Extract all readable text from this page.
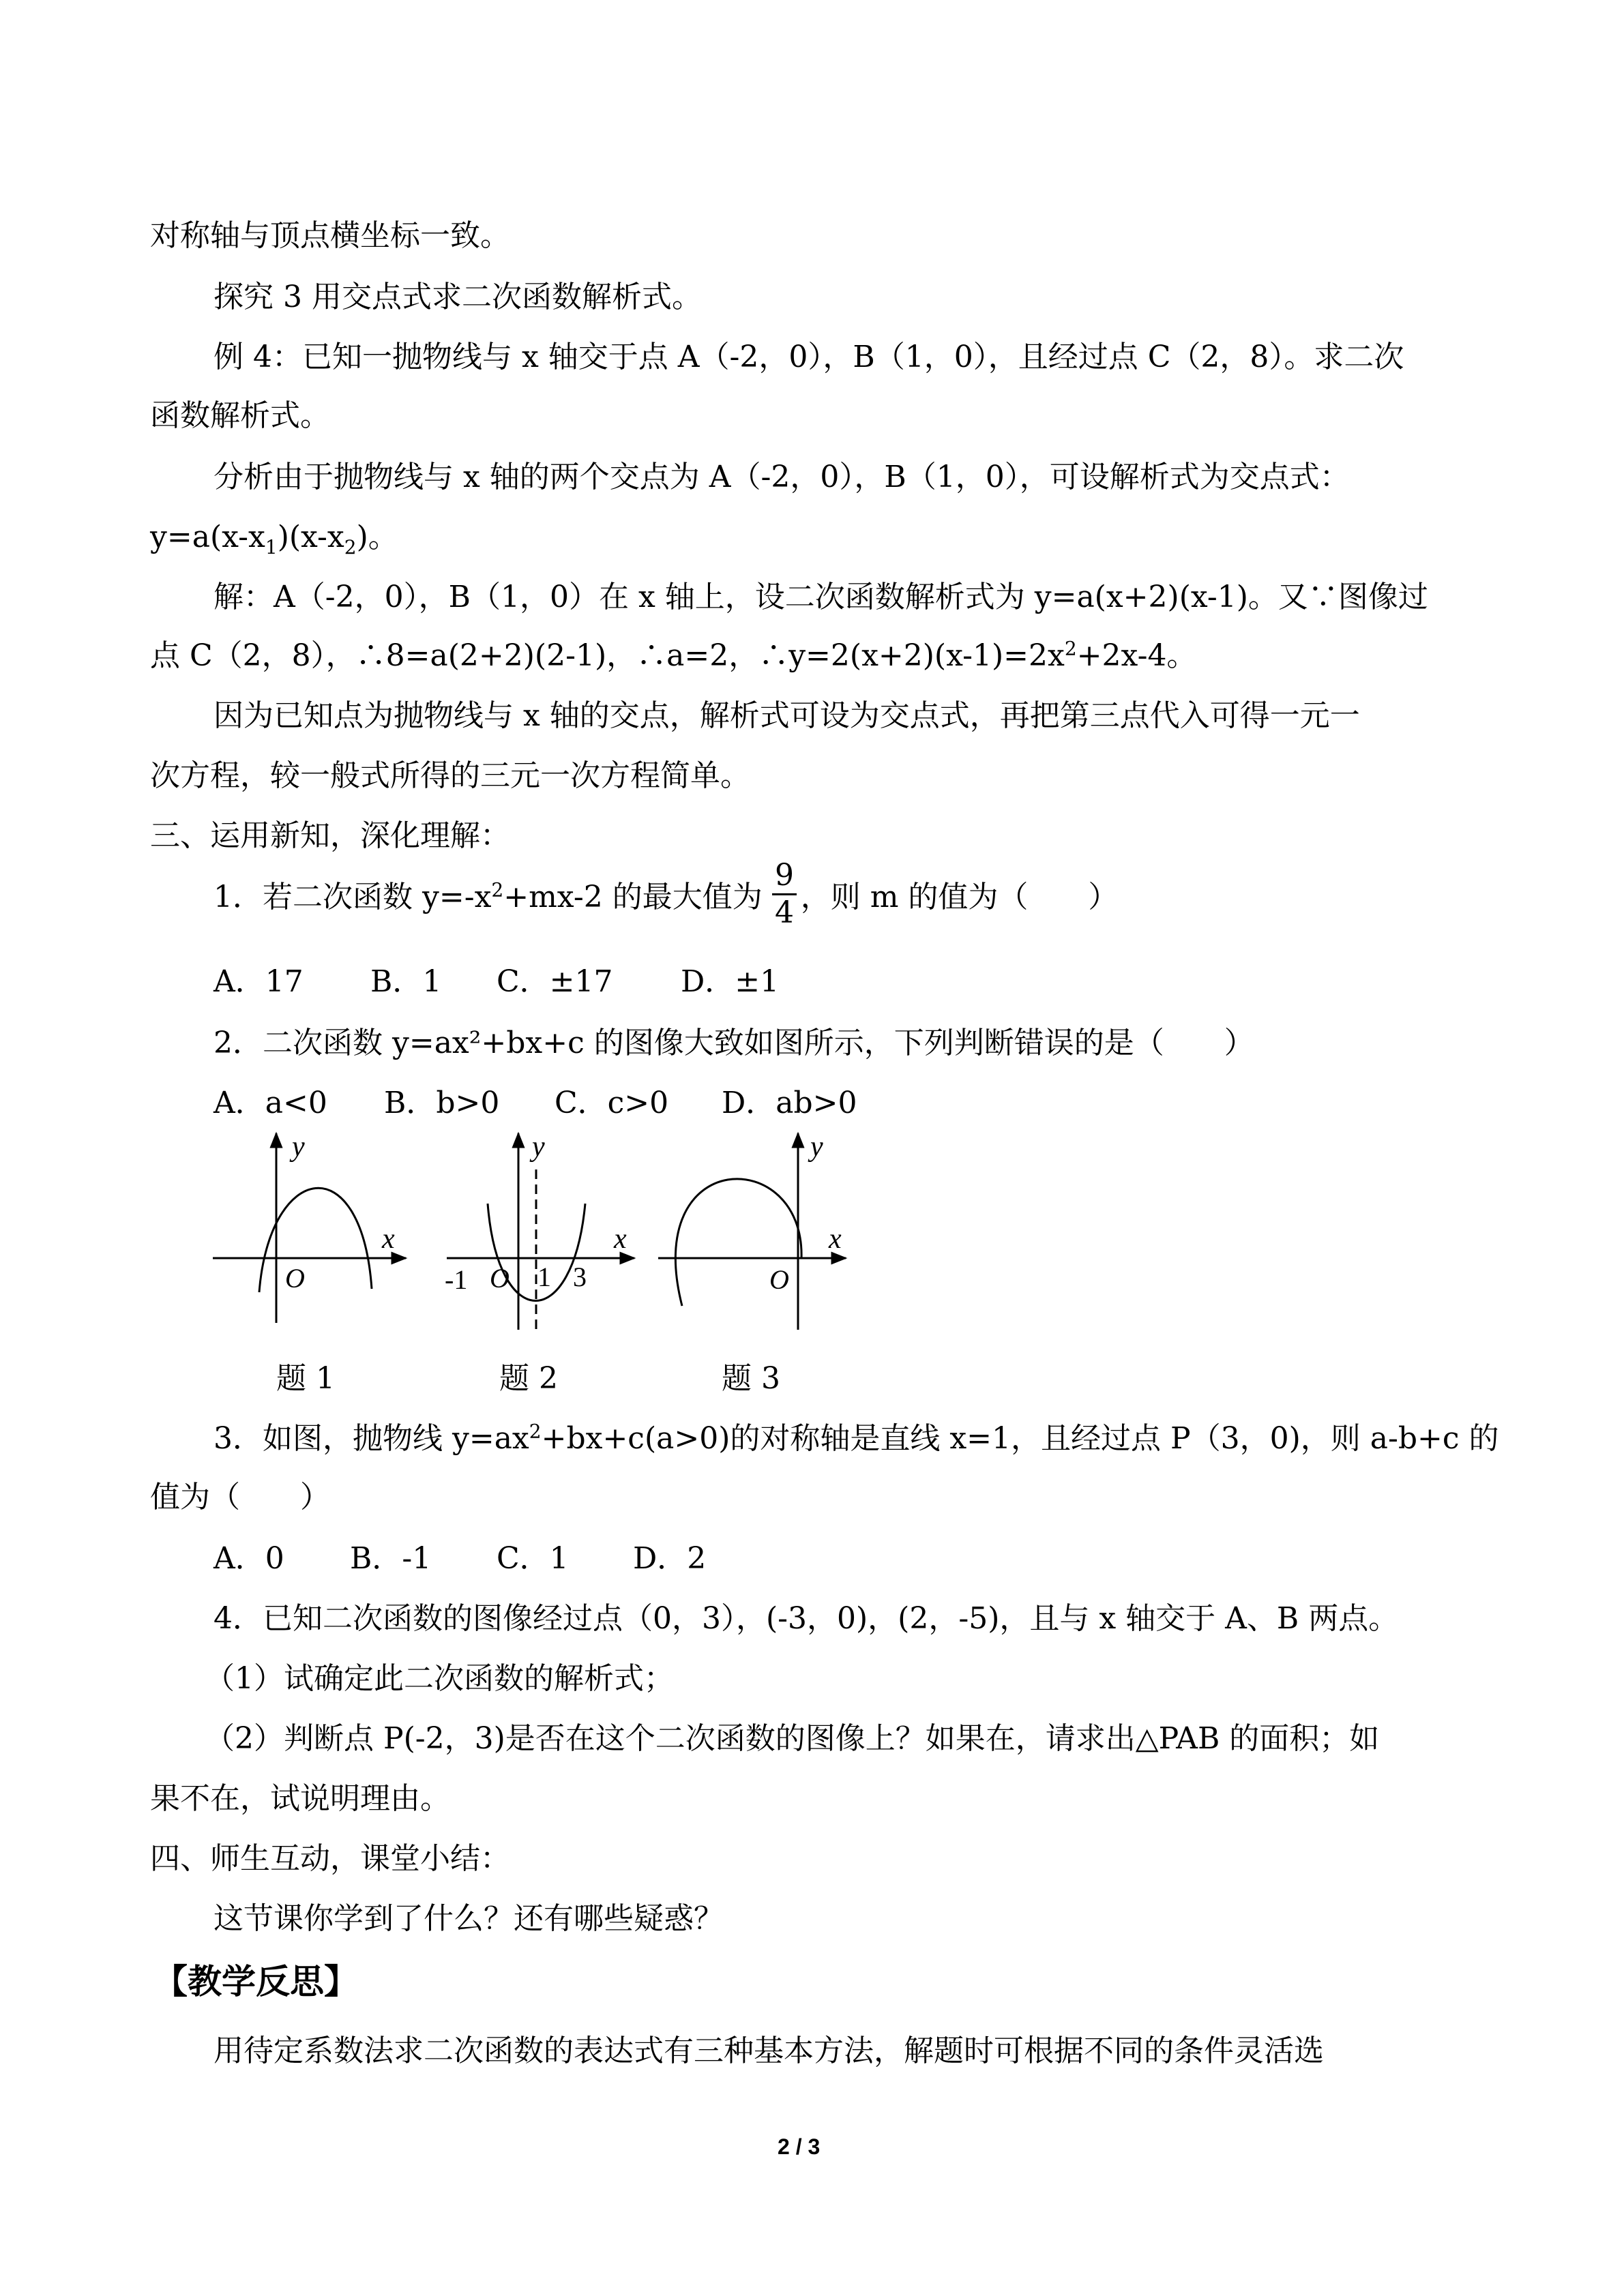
对称轴与顶点横坐标一致。
探究 3 用交点式求二次函数解析式。
例 4：已知一抛物线与 x 轴交于点 A（-2，0），B（1，0），且经过点 C（2，8）。求二次
函数解析式。
分析由于抛物线与 x 轴的两个交点为 A（-2，0），B（1，0），可设解析式为交点式：
$y=a(x-x_1)(x-x_2)$。
解：A（-2，0），B（1，0）在 x 轴上，设二次函数解析式为 y=a(x+2)(x-1)。又∵图像过
点 C（2，8），∴8=a(2+2)(2-1)，∴a=2，$\therefore y=2(x+2)(x-1)=2x^2+2x-4$。
因为已知点为抛物线与 x 轴的交点，解析式可设为交点式，再把第三点代入可得一元一
次方程，较一般式所得的三元一次方程简单。
三、运用新知，深化理解：
1．若二次函数 $y=-x^2+mx-2$ 的最大值为 ，则 m 的值为（　　）
9
4
A．17 B．1 C．±17 D．±1
2．二次函数 y=ax²+bx+c 的图像大致如图所示，下列判断错误的是（　　）
A．a<0 B．b>0 C．c>0 D．ab>0
y
x
O
y
x
-1 O 1 3
y
x
O
题 1	题 2	题 3
3．如图，抛物线 $y=ax^2+bx+c(a>0)$的对称轴是直线 x=1，且经过点 P（3，0)，则 a-b+c 的
值为（　　）
A．0 B．-1 C．1 D．2
4．已知二次函数的图像经过点（0，3），(-3，0)，(2，-5)，且与 x 轴交于 A、B 两点。
（1）试确定此二次函数的解析式；
（2）判断点 P(-2，3)是否在这个二次函数的图像上？如果在，请求出△PAB 的面积；如
果不在，试说明理由。
四、师生互动，课堂小结：
这节课你学到了什么？还有哪些疑惑？
【教学反思】
用待定系数法求二次函数的表达式有三种基本方法，解题时可根据不同的条件灵活选
2 / 3
